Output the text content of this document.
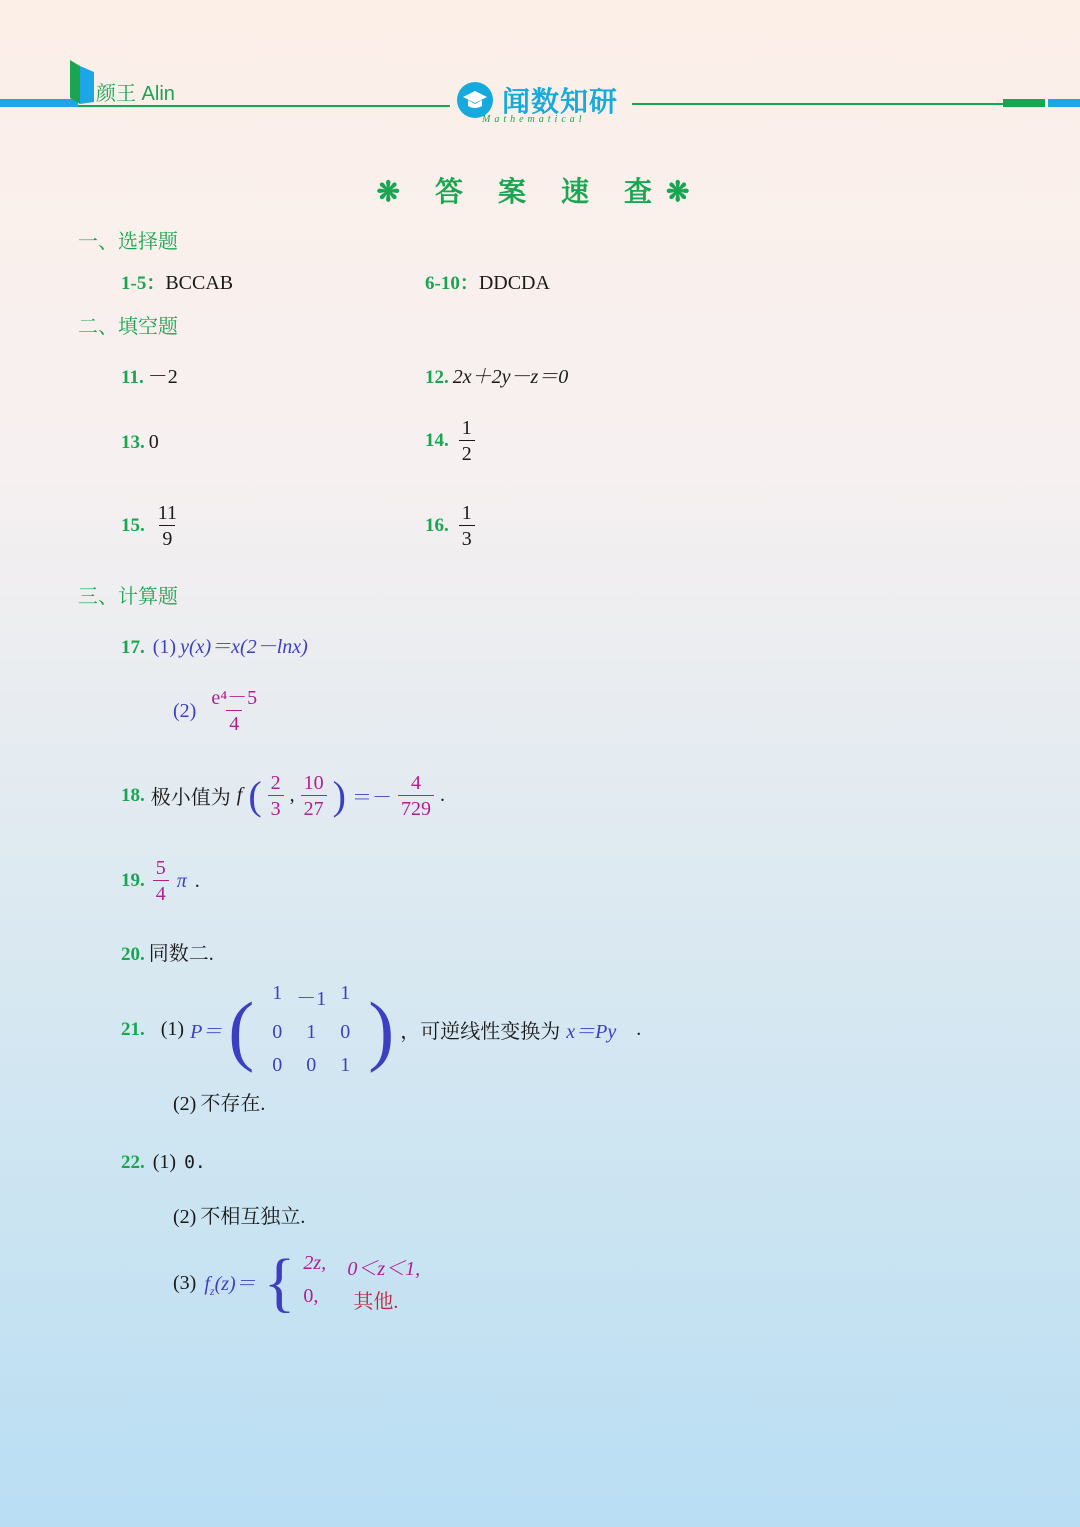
颜王 Alin	闻数知研
Mathematical
❋ 答 案 速 查❋
一、选择题
1-5：BCCAB	6-10：DDCDA
二、填空题
11. －2	12. 2x＋2y－z＝0
13. 0	14. $\frac{1}{2}$
15. $\frac{11}{9}$	16. $\frac{1}{3}$
三、计算题
17. (1) y(x)＝x(2－lnx)
$(2) \frac{\text{e⁴－5}}{4}$
18. 极小值为 f ( $\frac{2}{3}$ , $\frac{10}{27}$ ) ＝－ $\frac{4}{729}$ .
19. $\frac{5}{4}$ π .
20. 同数二.
21.
(1) P＝ ( 1 －1 1
0	1	0
0	0	1 ) ，可逆线性变换为 x＝Py
.
(2) 不存在.
22. (1) 0.
(2) 不相互独立.
(3) $f_z(z)=$ { 2z,	0＜z＜1,
0,	其他.
